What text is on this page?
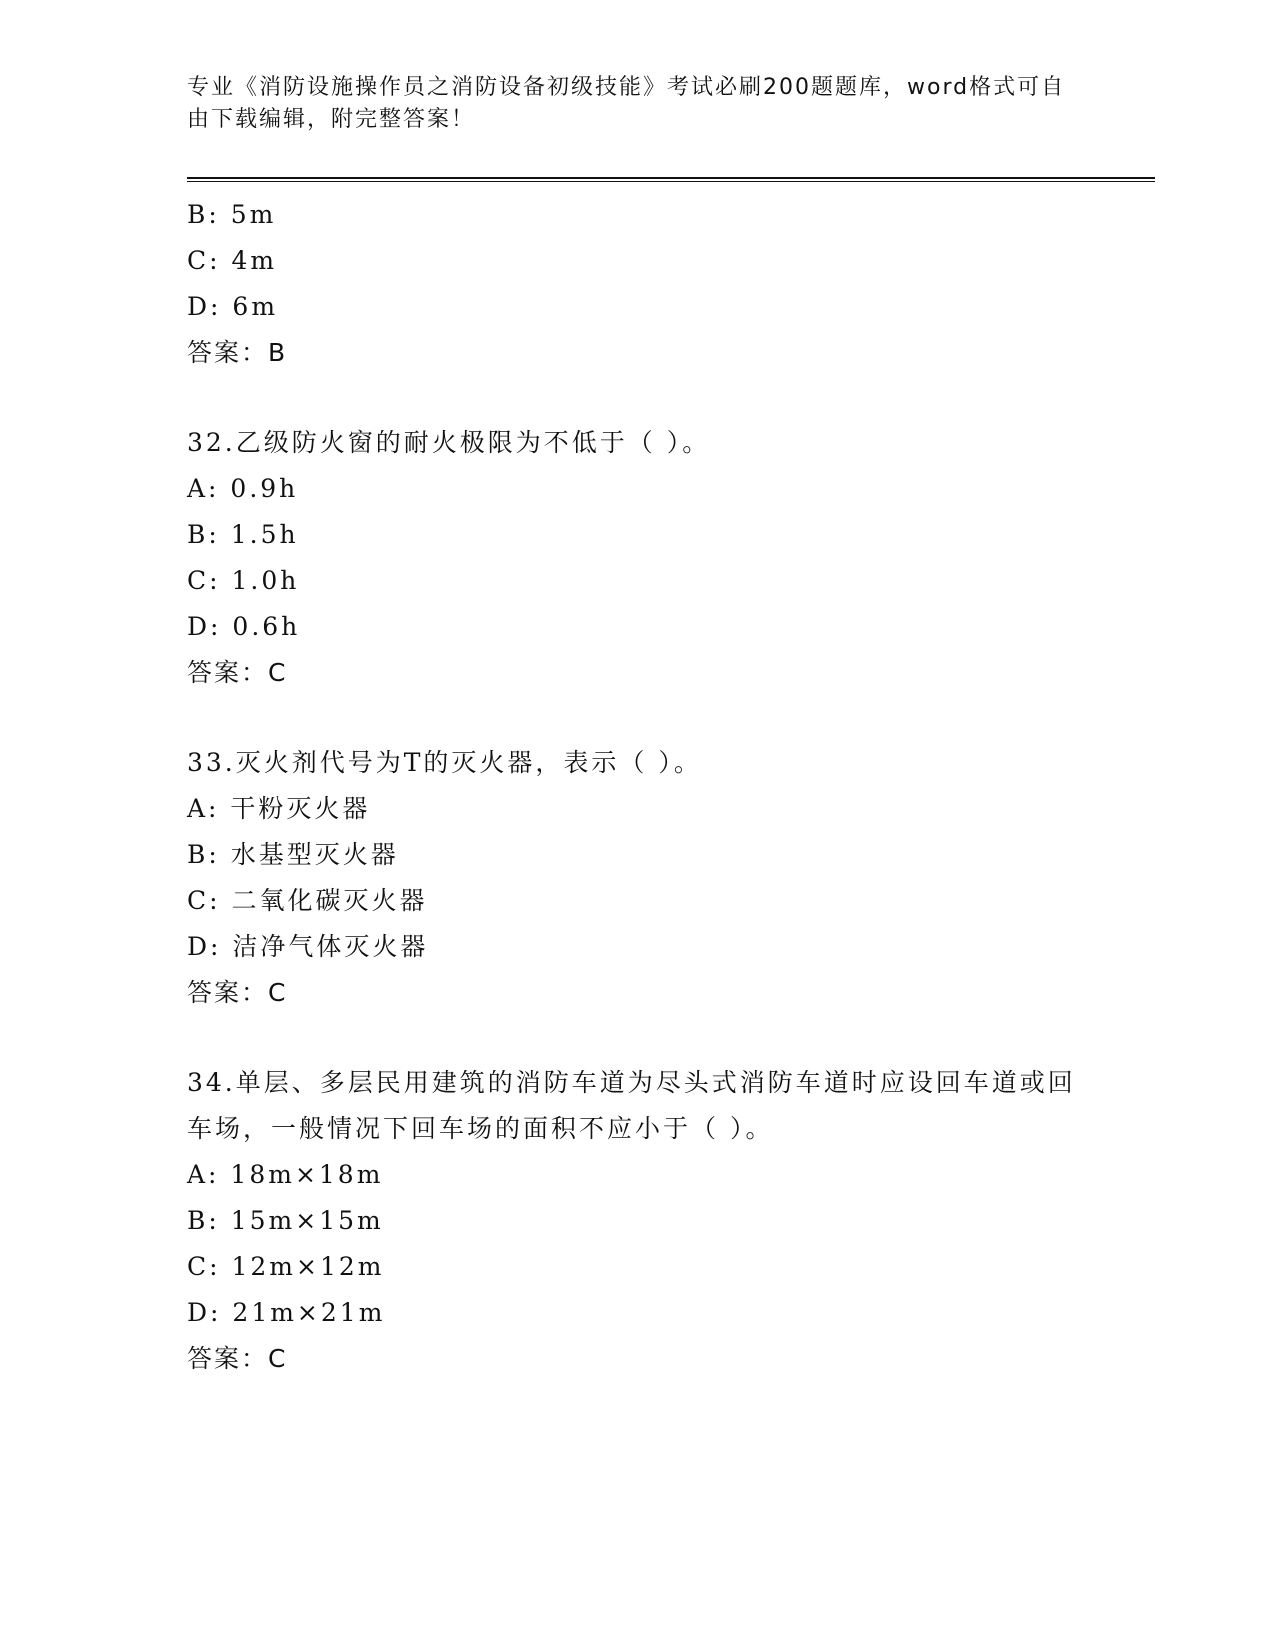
专业《消防设施操作员之消防设备初级技能》考试必刷200题题库，word格式可自由下载编辑，附完整答案！
B: 5m
C: 4m
D: 6m
答案：B
32.乙级防火窗的耐火极限为不低于（ ）。
A: 0.9h
B: 1.5h
C: 1.0h
D: 0.6h
答案：C
33.灭火剂代号为T的灭火器，表示（ ）。
A: 干粉灭火器
B: 水基型灭火器
C: 二氧化碳灭火器
D: 洁净气体灭火器
答案：C
34.单层、多层民用建筑的消防车道为尽头式消防车道时应设回车道或回车场，一般情况下回车场的面积不应小于（ ）。
A: 18m×18m
B: 15m×15m
C: 12m×12m
D: 21m×21m
答案：C
